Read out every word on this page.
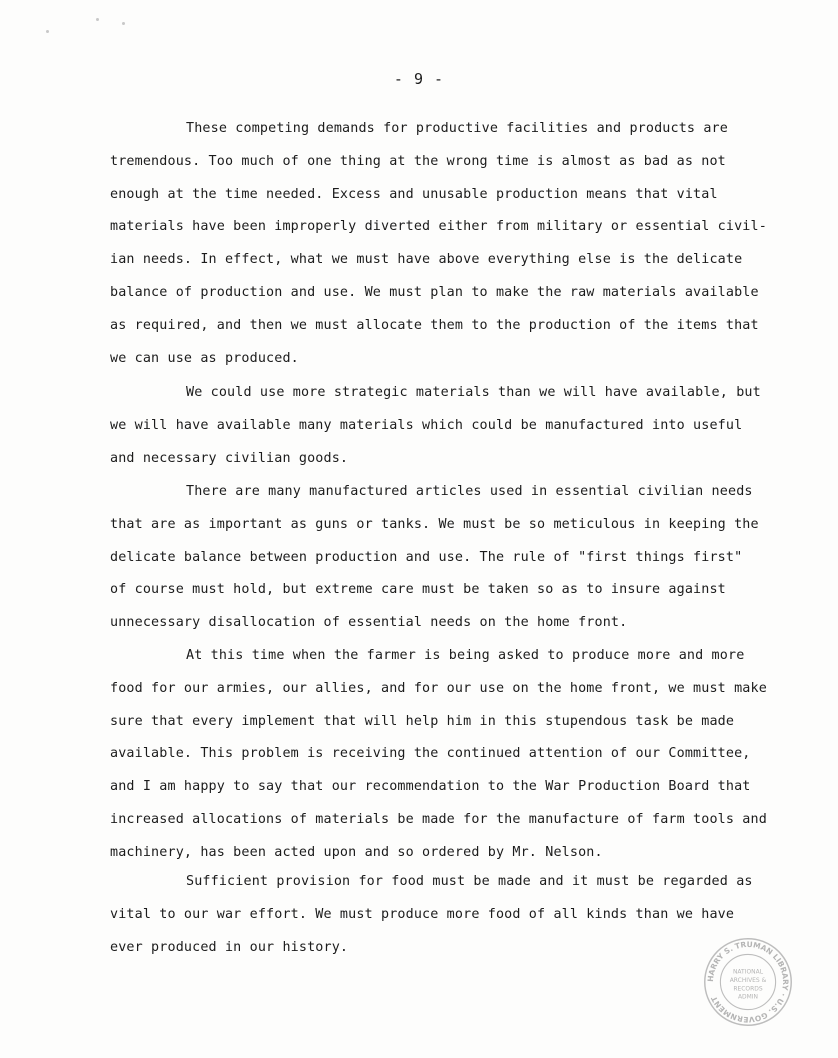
- 9 -

These competing demands for productive facilities and products are
tremendous. Too much of one thing at the wrong time is almost as bad as not
enough at the time needed. Excess and unusable production means that vital
materials have been improperly diverted either from military or essential civil-
ian needs. In effect, what we must have above everything else is the delicate
balance of production and use. We must plan to make the raw materials available
as required, and then we must allocate them to the production of the items that
we can use as produced.

We could use more strategic materials than we will have available, but
we will have available many materials which could be manufactured into useful
and necessary civilian goods.

There are many manufactured articles used in essential civilian needs
that are as important as guns or tanks. We must be so meticulous in keeping the
delicate balance between production and use. The rule of "first things first"
of course must hold, but extreme care must be taken so as to insure against
unnecessary disallocation of essential needs on the home front.

At this time when the farmer is being asked to produce more and more
food for our armies, our allies, and for our use on the home front, we must make
sure that every implement that will help him in this stupendous task be made
available. This problem is receiving the continued attention of our Committee,
and I am happy to say that our recommendation to the War Production Board that
increased allocations of materials be made for the manufacture of farm tools and
machinery, has been acted upon and so ordered by Mr. Nelson.

Sufficient provision for food must be made and it must be regarded as
vital to our war effort. We must produce more food of all kinds than we have
ever produced in our history.

HARRY S. TRUMAN LIBRARY · U.S. GOVERNMENT
NATIONAL
ARCHIVES &
RECORDS
ADMIN
